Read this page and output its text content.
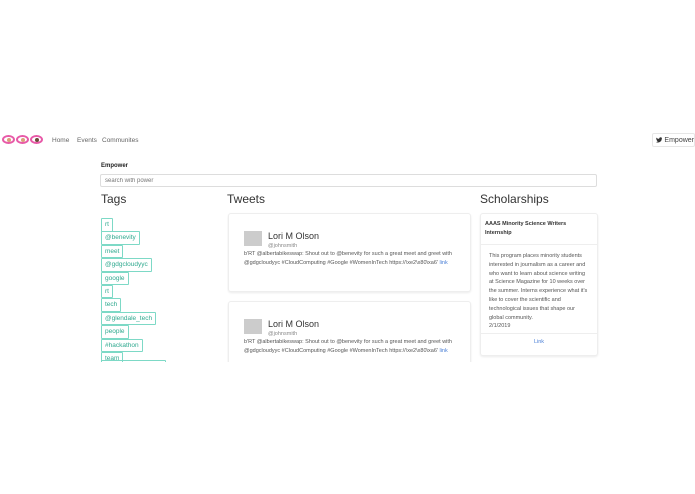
Home Events Communites	Empower
Empower
search with power
Tags	Tweets	Scholarships
rt
@benevity
meet
@gdgcloudyyc
google
rt
tech
@glendale_tech
people
#hackathon
team
Lori M Olson
@johnsmith
b'RT @albertabikeswap: Shout out to @benevity for such a great meet and greet with @gdgcloudyyc #CloudComputing #Google #WomenInTech https://\xe2\x80\xa6' link
Lori M Olson
@johnsmith
b'RT @albertabikeswap: Shout out to @benevity for such a great meet and greet with @gdgcloudyyc #CloudComputing #Google #WomenInTech https://\xe2\x80\xa6' link
AAAS Minority Science Writers Internship
This program places minority students interested in journalism as a career and who want to learn about science writing at Science Magazine for 10 weeks over the summer. Interns experience what it's like to cover the scientific and technological issues that shape our global community.
2/1/2019
Link
